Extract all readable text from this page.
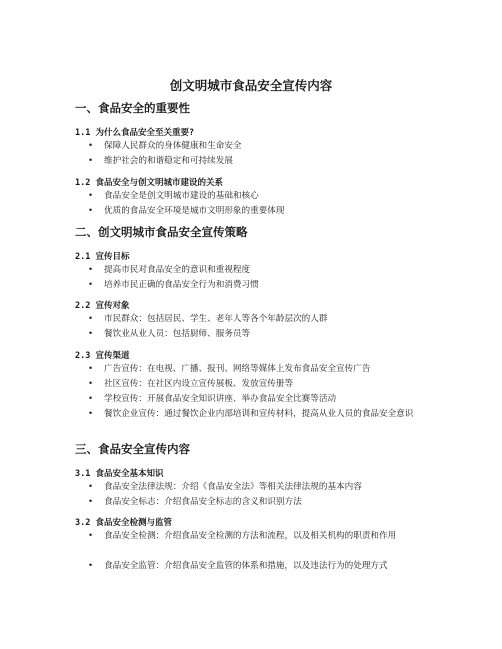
创文明城市食品安全宣传内容
一、食品安全的重要性
1.1 为什么食品安全至关重要?
•	保障人民群众的身体健康和生命安全
•	维护社会的和谐稳定和可持续发展
1.2 食品安全与创文明城市建设的关系
•	食品安全是创文明城市建设的基础和核心
•	优质的食品安全环境是城市文明形象的重要体现
二、创文明城市食品安全宣传策略
2.1 宣传目标
•	提高市民对食品安全的意识和重视程度
•	培养市民正确的食品安全行为和消费习惯
2.2 宣传对象
•	市民群众：包括居民、学生、老年人等各个年龄层次的人群
•	餐饮业从业人员：包括厨师、服务员等
2.3 宣传渠道
•	广告宣传：在电视、广播、报刊、网络等媒体上发布食品安全宣传广告
•	社区宣传：在社区内设立宣传展板、发放宣传册等
•	学校宣传：开展食品安全知识讲座、举办食品安全比赛等活动
•	餐饮企业宣传：通过餐饮企业内部培训和宣传材料，提高从业人员的食品安全意识
三、食品安全宣传内容
3.1 食品安全基本知识
•	食品安全法律法规：介绍《食品安全法》等相关法律法规的基本内容
•	食品安全标志：介绍食品安全标志的含义和识别方法
3.2 食品安全检测与监管
•	食品安全检测：介绍食品安全检测的方法和流程，以及相关机构的职责和作用
•	食品安全监管：介绍食品安全监管的体系和措施，以及违法行为的处理方式
